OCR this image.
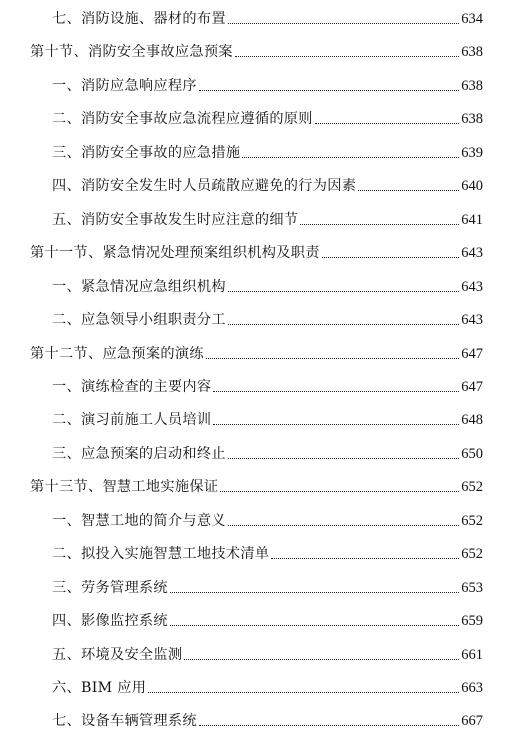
七、消防设施、器材的布置	634
第十节、消防安全事故应急预案	638
一、消防应急响应程序	638
二、消防安全事故应急流程应遵循的原则	638
三、消防安全事故的应急措施	639
四、消防安全发生时人员疏散应避免的行为因素	640
五、消防安全事故发生时应注意的细节	641
第十一节、紧急情况处理预案组织机构及职责	643
一、紧急情况应急组织机构	643
二、应急领导小组职责分工	643
第十二节、应急预案的演练	647
一、演练检查的主要内容	647
二、演习前施工人员培训	648
三、应急预案的启动和终止	650
第十三节、智慧工地实施保证	652
一、智慧工地的简介与意义	652
二、拟投入实施智慧工地技术清单	652
三、劳务管理系统	653
四、影像监控系统	659
五、环境及安全监测	661
六、BIM 应用	663
七、设备车辆管理系统	667
